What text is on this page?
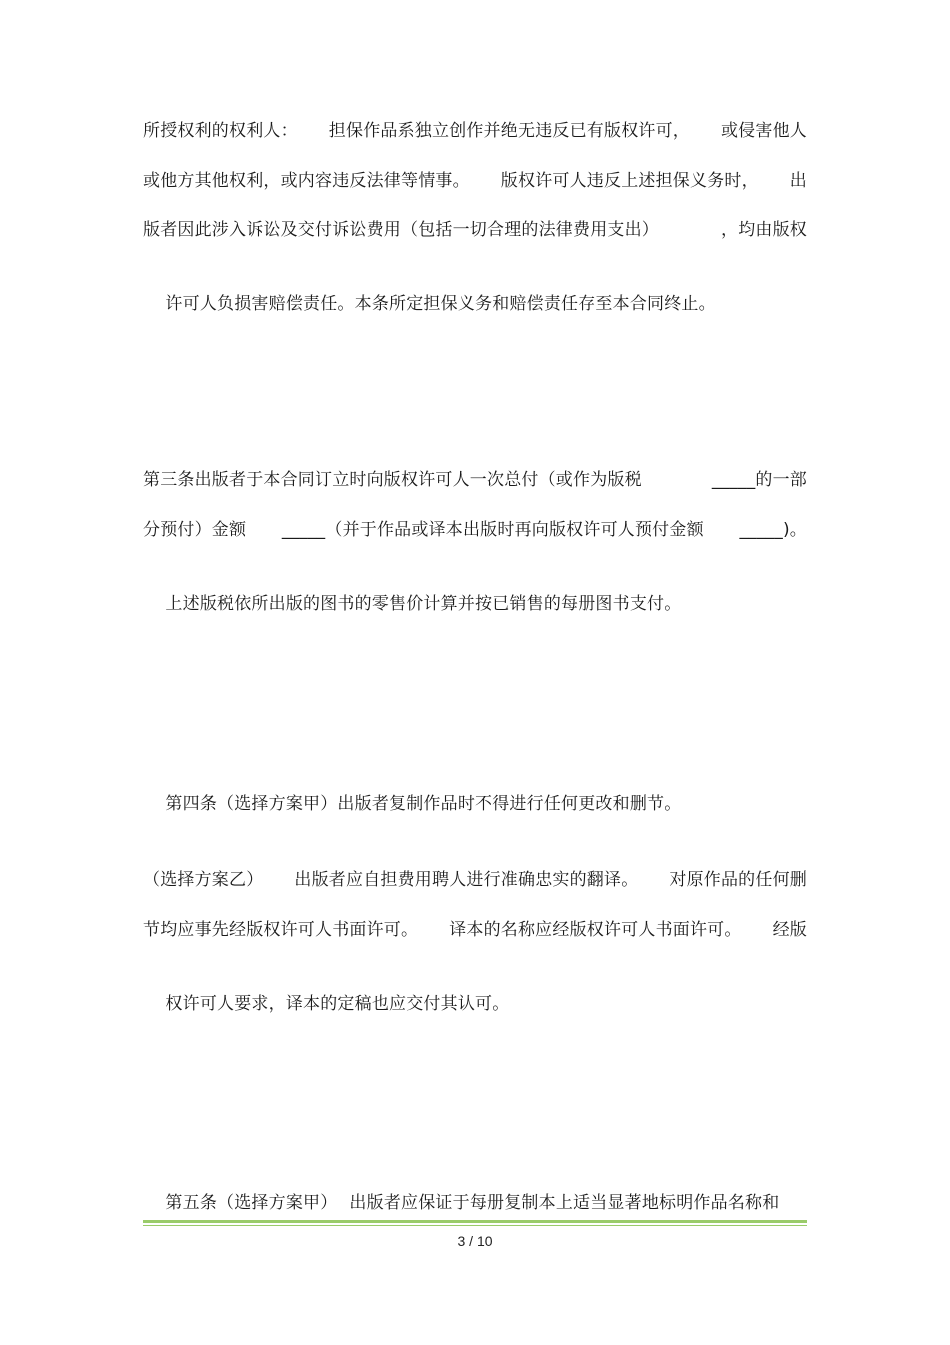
所授权利的权利人： 担保作品系独立创作并绝无违反已有版权许可， 或侵害他人
或他方其他权利，或内容违反法律等情事。 版权许可人违反上述担保义务时， 出
版者因此涉入诉讼及交付诉讼费用（包括一切合理的法律费用支出）	，均由版权

许可人负损害赔偿责任。本条所定担保义务和赔偿责任存至本合同终止。

第三条出版者于本合同订立时向版权许可人一次总付（或作为版税	_____的一部
分预付）金额 _____（并于作品或译本出版时再向版权许可人预付金额 _____)。

上述版税依所出版的图书的零售价计算并按已销售的每册图书支付。

第四条（选择方案甲）出版者复制作品时不得进行任何更改和删节。

（选择方案乙） 出版者应自担费用聘人进行准确忠实的翻译。 对原作品的任何删
节均应事先经版权许可人书面许可。 译本的名称应经版权许可人书面许可。 经版

权许可人要求，译本的定稿也应交付其认可。

第五条（选择方案甲） 出版者应保证于每册复制本上适当显著地标明作品名称和

3 / 10
